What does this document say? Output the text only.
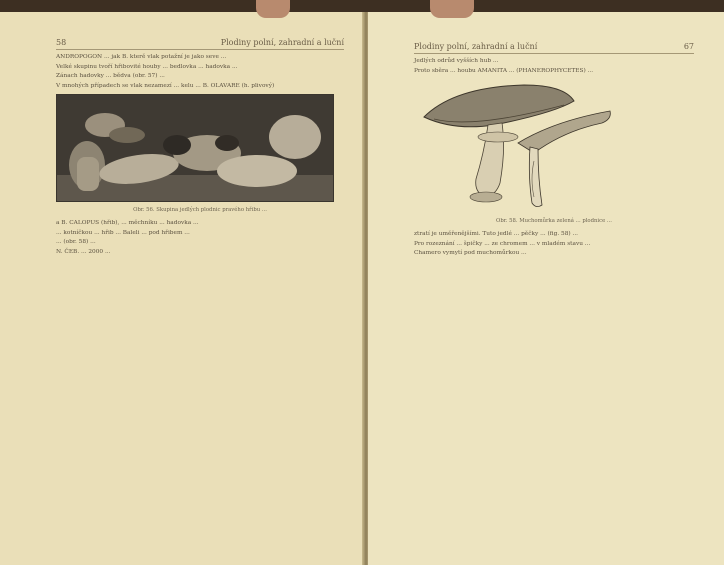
58	Plodiny polní, zahradní a luční

ANDROPOGON ... jak B. kterě vlak potažní je jako seve ...

Velké skupinu tvoří hřibovité houby ... bedlovka ... hadovka ...

Zánach hadovky ... bědva (obr. 57) ...

V mnohých případech se vlak nezamezí ... kelu ... B. OLAVARE (h. plivový)

Obr. 56. Skupina jedlých plodnic pravého hřibu ...

a B. CALOPUS (hřib), ... měchníku ... hadovka ...

... kotníčkou ... hřib ... Baleli ... pod hřibem ...

... (obr. 58) ...

N. ČEB. ... 2000 ...

Plodiny polní, zahradní a luční	67

Jedlých odrůd vyšších hub ...

Proto sběra ... houbu AMANITA ... (PHANEROPHYCETES) ...

Obr. 58. Muchomůrka zelená ... plodnice ...

ztratí je uměřenějšími. Tuto jedlé ... pěčky ... (fig. 58) ...

Pro rozeznání ... špičky ... ze chromem ... v mladém stavu ...

Chamero vymytí pod muchomůrkou ...
